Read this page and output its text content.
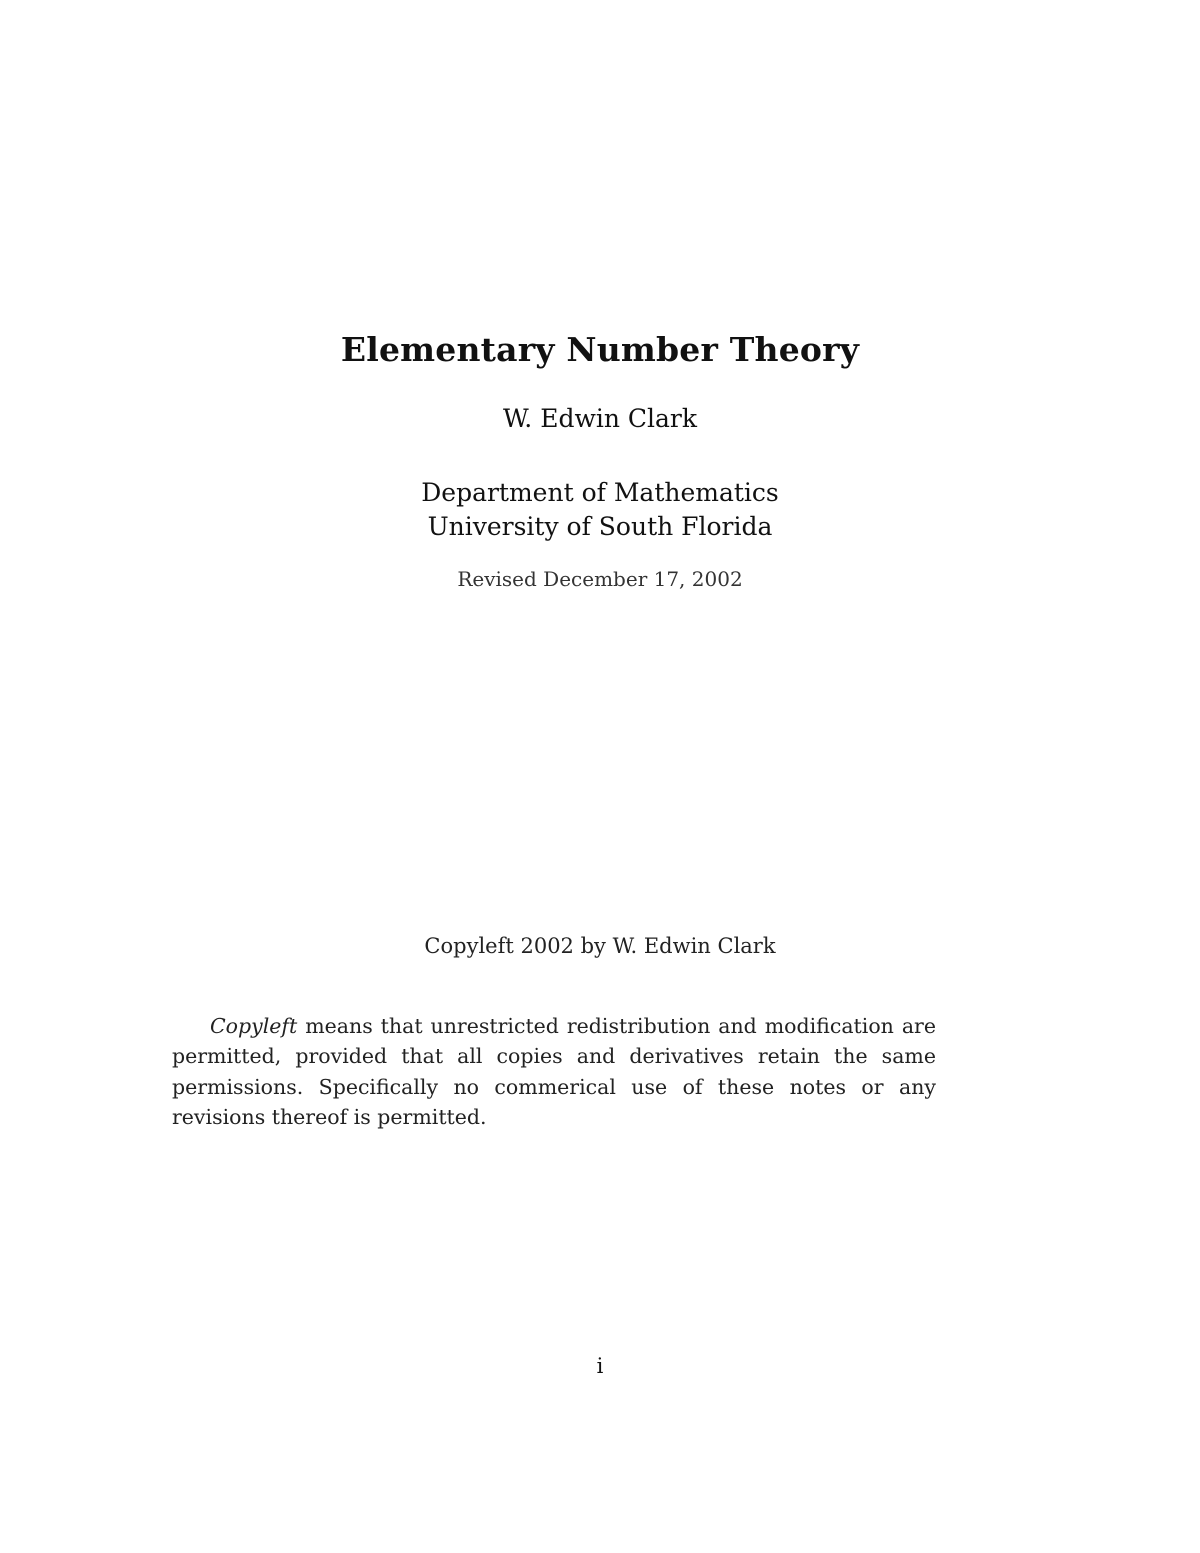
Elementary Number Theory
W. Edwin Clark
Department of Mathematics
University of South Florida
Revised December 17, 2002
Copyleft 2002 by W. Edwin Clark

Copyleft means that unrestricted redistribution and modification are permitted, provided that all copies and derivatives retain the same permissions. Specifically no commerical use of these notes or any revisions thereof is permitted.

i
